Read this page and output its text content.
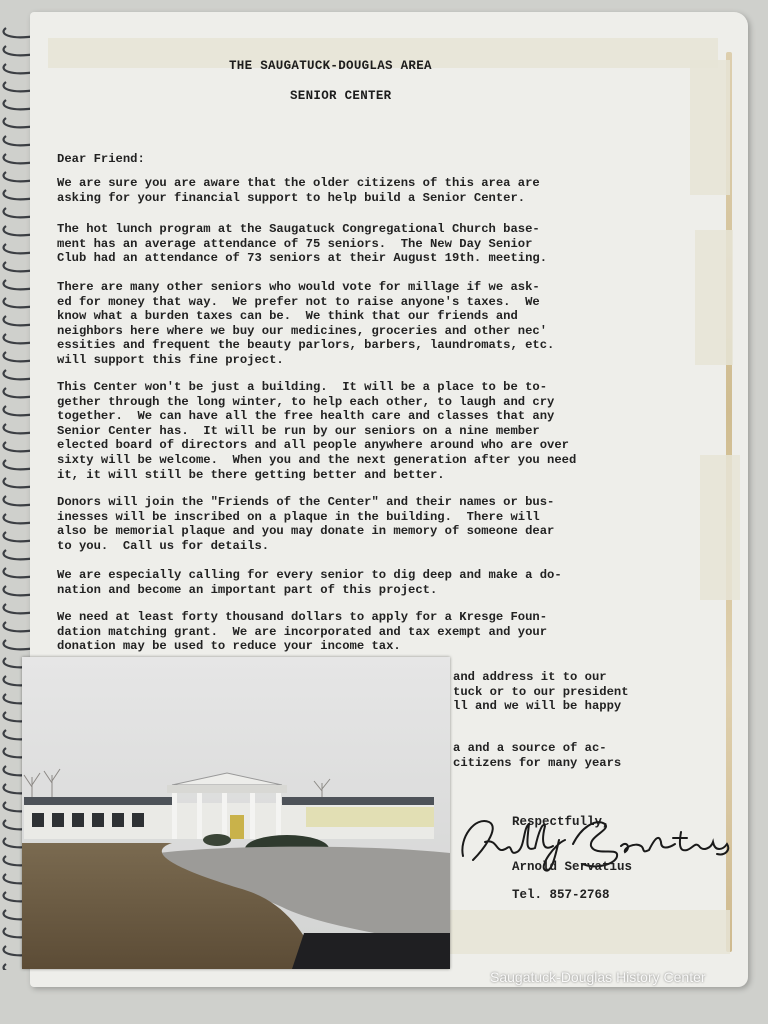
THE SAUGATUCK-DOUGLAS AREA
SENIOR CENTER
Dear Friend:
We are sure you are aware that the older citizens of this area are
asking for your financial support to help build a Senior Center.
The hot lunch program at the Saugatuck Congregational Church base-
ment has an average attendance of 75 seniors.  The New Day Senior
Club had an attendance of 73 seniors at their August 19th. meeting.
There are many other seniors who would vote for millage if we ask-
ed for money that way.  We prefer not to raise anyone's taxes.  We
know what a burden taxes can be.  We think that our friends and
neighbors here where we buy our medicines, groceries and other nec'
essities and frequent the beauty parlors, barbers, laundromats, etc.
will support this fine project.
This Center won't be just a building.  It will be a place to be to-
gether through the long winter, to help each other, to laugh and cry
together.  We can have all the free health care and classes that any
Senior Center has.  It will be run by our seniors on a nine member
elected board of directors and all people anywhere around who are over
sixty will be welcome.  When you and the next generation after you need
it, it will still be there getting better and better.
Donors will join the "Friends of the Center" and their names or bus-
inesses will be inscribed on a plaque in the building.  There will
also be memorial plaque and you may donate in memory of someone dear
to you.  Call us for details.
We are especially calling for every senior to dig deep and make a do-
nation and become an important part of this project.
We need at least forty thousand dollars to apply for a Kresge Foun-
dation matching grant.  We are incorporated and tax exempt and your
donation may be used to reduce your income tax.
and address it to our
tuck or to our president
ll and we will be happy
a and a source of ac-
citizens for many years
Respectfully,
Arnold Servatius
Tel. 857-2768
Saugatuck-Douglas History Center
